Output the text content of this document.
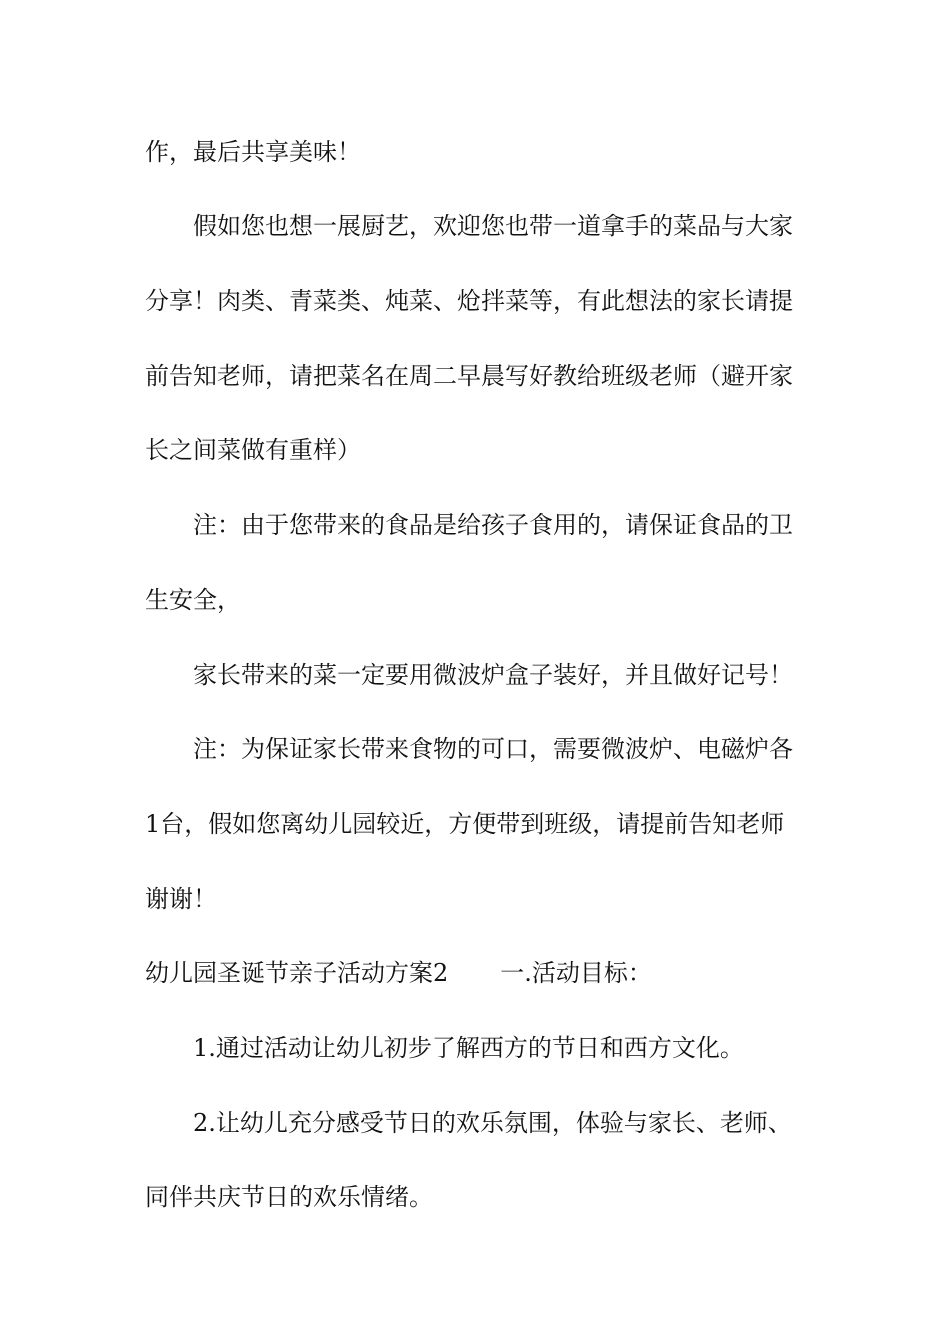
作，最后共享美味！
假如您也想一展厨艺，欢迎您也带一道拿手的菜品与大家
分享！肉类、青菜类、炖菜、炝拌菜等，有此想法的家长请提
前告知老师，请把菜名在周二早晨写好教给班级老师（避开家
长之间菜做有重样）
注：由于您带来的食品是给孩子食用的，请保证食品的卫
生安全，
家长带来的菜一定要用微波炉盒子装好，并且做好记号！
注：为保证家长带来食物的可口，需要微波炉、电磁炉各
1台，假如您离幼儿园较近，方便带到班级，请提前告知老师
谢谢！
幼儿园圣诞节亲子活动方案2 一.活动目标：
1.通过活动让幼儿初步了解西方的节日和西方文化。
2.让幼儿充分感受节日的欢乐氛围，体验与家长、老师、
同伴共庆节日的欢乐情绪。
